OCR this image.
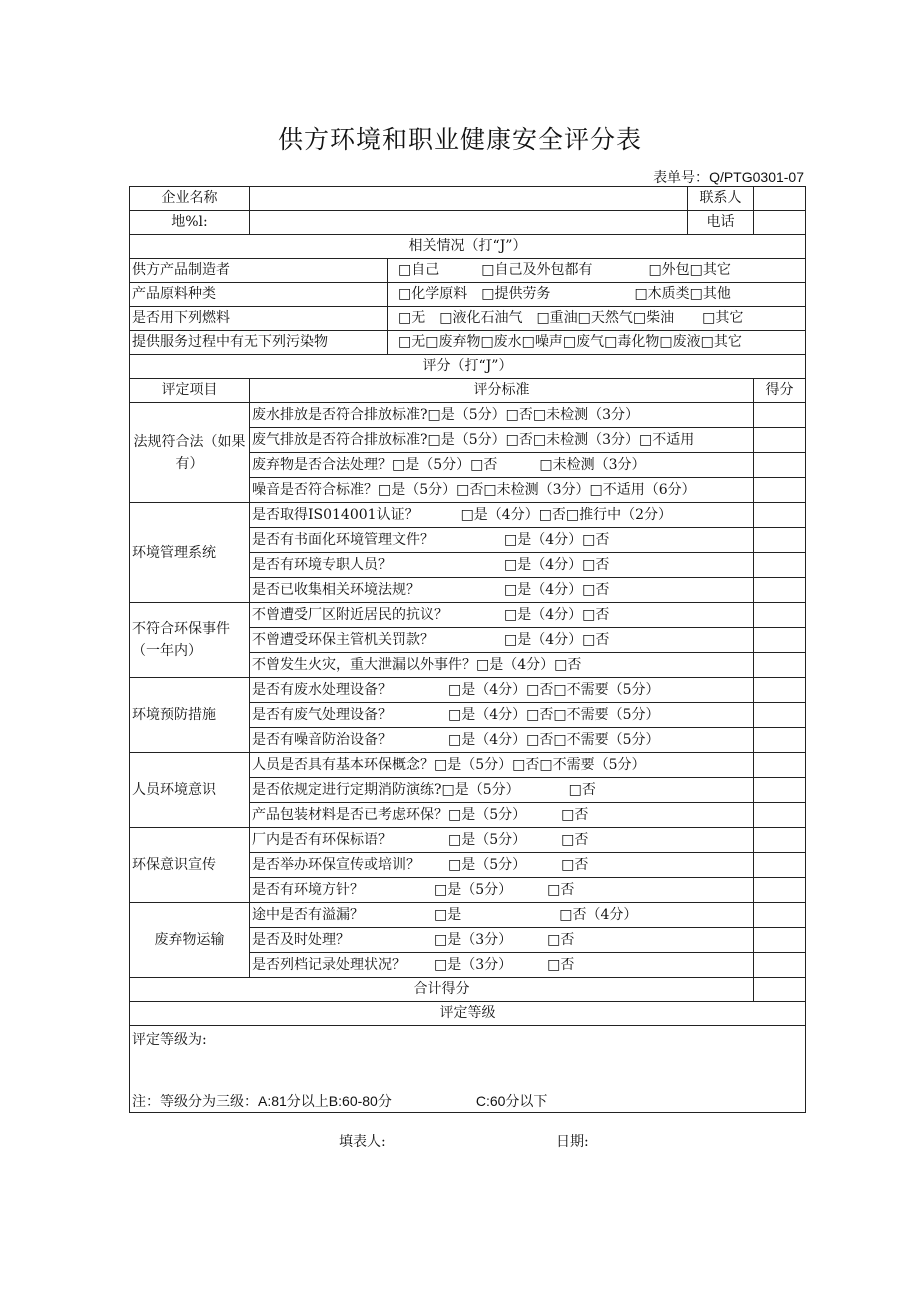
供方环境和职业健康安全评分表
表单号：Q/PTG0301-07
企业名称			联系人	
地%l:			电话	
相关情况（打“J”）				
供方产品制造者		□自己　　　□自己及外包都有　　　　□外包□其它		
产品原料种类		□化学原料　□提供劳务　　　　　　□木质类□其他		
是否用下列燃料		□无　□液化石油气　□重油□天然气□柴油　　□其它		
提供服务过程中有无下列污染物		□无□废弃物□废水□噪声□废气□毒化物□废液□其它		
评分（打“J”）				
评定项目	评分标准			得分
法规符合法（如果有）	废水排放是否符合排放标准?□是（5分）□否□未检测（3分）			
	废气排放是否符合排放标准?□是（5分）□否□未检测（3分）□不适用			
	废弃物是否合法处理？□是（5分）□否　　　□未检测（3分）			
	噪音是否符合标准？□是（5分）□否□未检测（3分）□不适用（6分）			
环境管理系统	是否取得IS014001认证？　　　□是（4分）□否□推行中（2分）			
	是否有书面化环境管理文件？　　　　　□是（4分）□否			
	是否有环境专职人员？　　　　　　　　□是（4分）□否			
	是否已收集相关环境法规？　　　　　　□是（4分）□否			
不符合环保事件
（一年内）	不曾遭受厂区附近居民的抗议？　　　　□是（4分）□否			
	不曾遭受环保主管机关罚款？　　　　　□是（4分）□否			
	不曾发生火灾，重大泄漏以外事件？□是（4分）□否			
环境预防措施	是否有废水处理设备？　　　　□是（4分）□否□不需要（5分）			
	是否有废气处理设备？　　　　□是（4分）□否□不需要（5分）			
	是否有噪音防治设备？　　　　□是（4分）□否□不需要（5分）			
人员环境意识	人员是否具有基本环保概念？□是（5分）□否□不需要（5分）			
	是否依规定进行定期消防演练?□是（5分）　　　　□否			
	产品包装材料是否已考虑环保？□是（5分）　　　□否			
环保意识宣传	厂内是否有环保标语？　　　　□是（5分）　　　□否			
	是否举办环保宣传或培训？　　□是（5分）　　　□否			
	是否有环境方针？　　　　　□是（5分）　　　□否			
废弃物运输	途中是否有溢漏？　　　　　□是　　　　　　　□否（4分）			
	是否及时处理？　　　　　　□是（3分）　　　□否			
	是否列档记录处理状况？　　□是（3分）　　　□否			
合计得分				
评定等级				

评定等级为:
注：等级分为三级：A:81分以上B:60-80分　　　　　　C:60分以下				
填表人:	日期:
